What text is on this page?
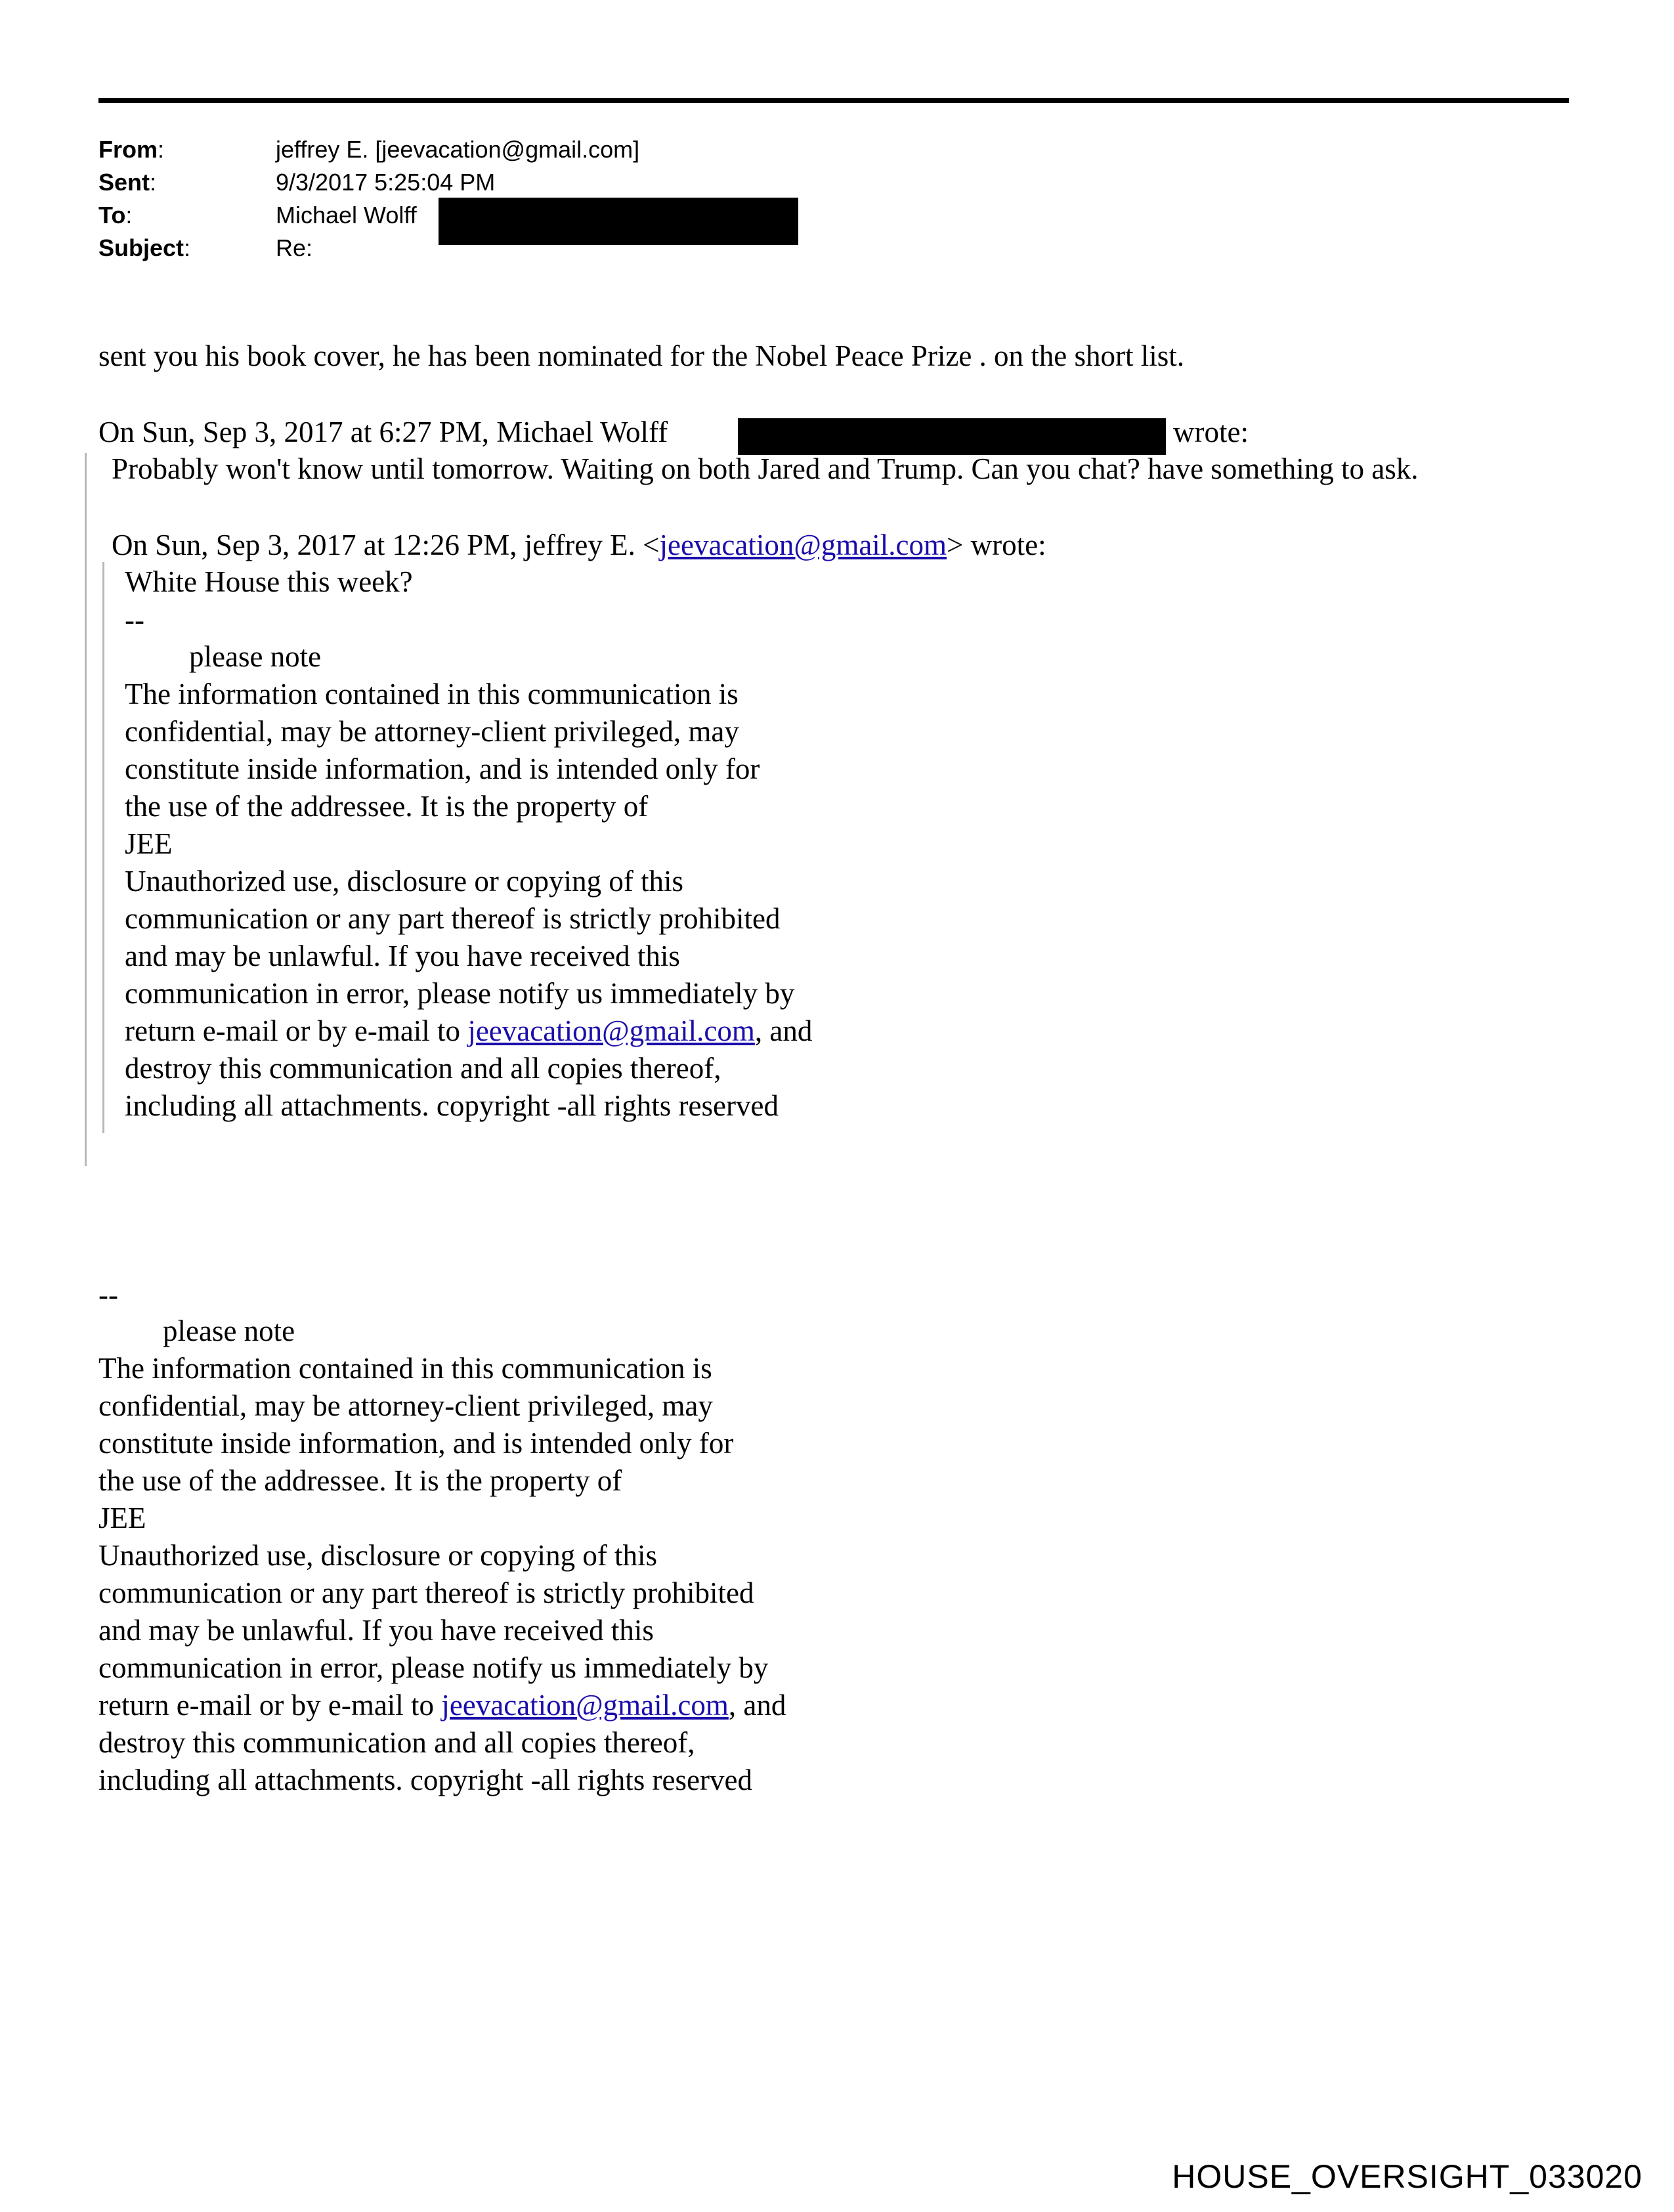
From:	jeffrey E. [jeevacation@gmail.com]
Sent:	9/3/2017 5:25:04 PM
To:	Michael Wolff
Subject:	Re:
sent you his book cover, he has been nominated for the Nobel Peace Prize . on the short list.
On Sun, Sep 3, 2017 at 6:27 PM, Michael Wolff	wrote:
Probably won't know until tomorrow. Waiting on both Jared and Trump. Can you chat? have something to ask.
On Sun, Sep 3, 2017 at 12:26 PM, jeffrey E. <jeevacation@gmail.com> wrote:
White House this week?
--
please note
The information contained in this communication is
confidential, may be attorney-client privileged, may
constitute inside information, and is intended only for
the use of the addressee. It is the property of
JEE
Unauthorized use, disclosure or copying of this
communication or any part thereof is strictly prohibited
and may be unlawful. If you have received this
communication in error, please notify us immediately by
return e-mail or by e-mail to jeevacation@gmail.com, and
destroy this communication and all copies thereof,
including all attachments. copyright -all rights reserved
--
please note
The information contained in this communication is
confidential, may be attorney-client privileged, may
constitute inside information, and is intended only for
the use of the addressee. It is the property of
JEE
Unauthorized use, disclosure or copying of this
communication or any part thereof is strictly prohibited
and may be unlawful. If you have received this
communication in error, please notify us immediately by
return e-mail or by e-mail to jeevacation@gmail.com, and
destroy this communication and all copies thereof,
including all attachments. copyright -all rights reserved
HOUSE_OVERSIGHT_033020
